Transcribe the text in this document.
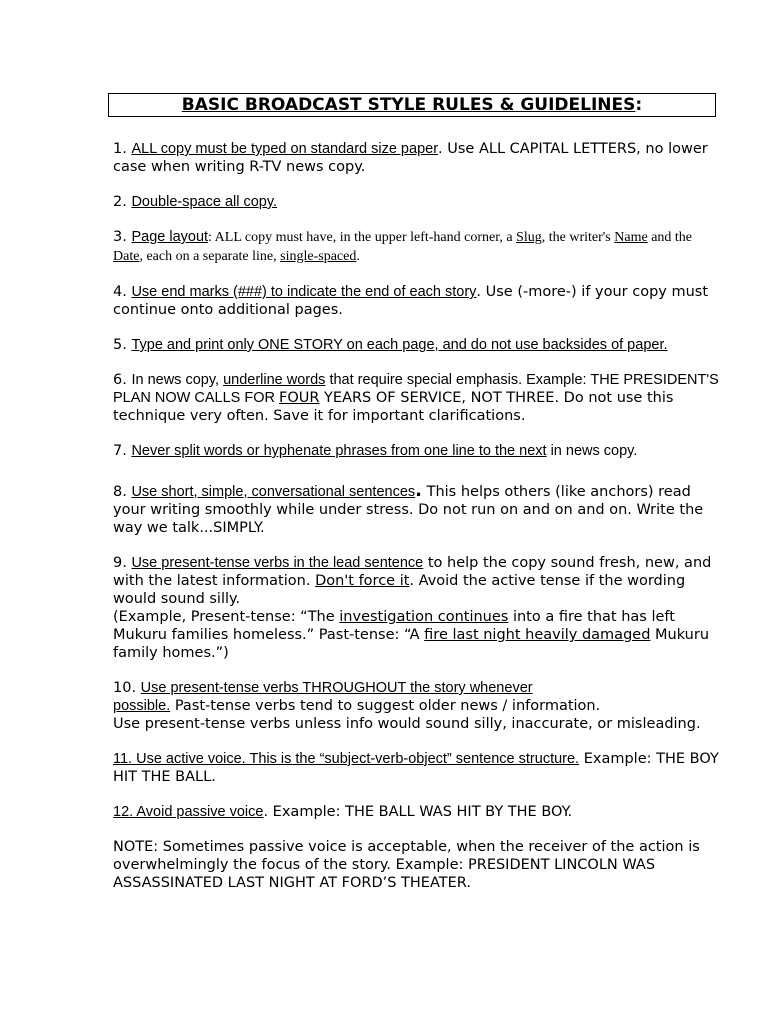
BASIC BROADCAST STYLE RULES & GUIDELINES:

1. ALL copy must be typed on standard size paper. Use ALL CAPITAL LETTERS, no lower case when writing R-TV news copy.

2. Double-space all copy.

3. Page layout: ALL copy must have, in the upper left-hand corner, a Slug, the writer's Name and the Date, each on a separate line, single-spaced.

4. Use end marks (###) to indicate the end of each story. Use (-more-) if your copy must continue onto additional pages.

5. Type and print only ONE STORY on each page, and do not use backsides of paper.

6. In news copy, underline words that require special emphasis. Example: THE PRESIDENT'S PLAN NOW CALLS FOR FOUR YEARS OF SERVICE, NOT THREE. Do not use this technique very often. Save it for important clarifications.

7. Never split words or hyphenate phrases from one line to the next in news copy.

8. Use short, simple, conversational sentences. This helps others (like anchors) read your writing smoothly while under stress. Do not run on and on and on. Write the way we talk...SIMPLY.

9. Use present-tense verbs in the lead sentence to help the copy sound fresh, new, and with the latest information. Don't force it. Avoid the active tense if the wording would sound silly.
(Example, Present-tense: “The investigation continues into a fire that has left Mukuru families homeless.” Past-tense: “A fire last night heavily damaged Mukuru family homes.”)

10. Use present-tense verbs THROUGHOUT the story whenever
possible. Past-tense verbs tend to suggest older news / information.
Use present-tense verbs unless info would sound silly, inaccurate, or misleading.

11. Use active voice. This is the “subject-verb-object” sentence structure. Example: THE BOY HIT THE BALL.

12. Avoid passive voice. Example: THE BALL WAS HIT BY THE BOY.

NOTE: Sometimes passive voice is acceptable, when the receiver of the action is overwhelmingly the focus of the story. Example: PRESIDENT LINCOLN WAS ASSASSINATED LAST NIGHT AT FORD’S THEATER.
